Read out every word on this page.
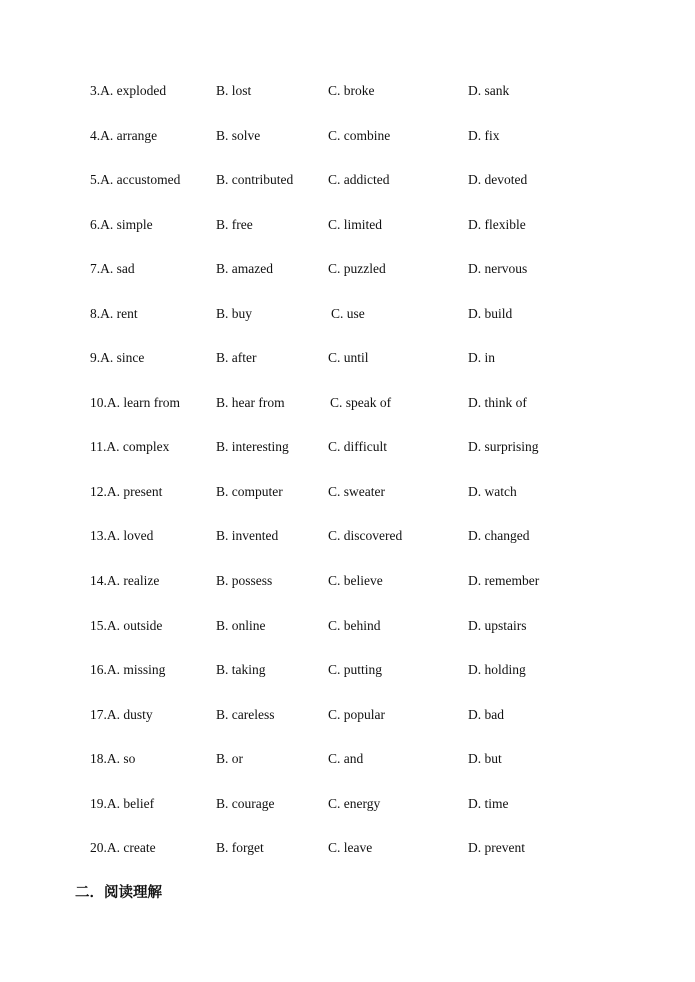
3.A. exploded	B. lost	C. broke	D. sank
4.A. arrange	B. solve	C. combine	D. fix
5.A. accustomed	B. contributed	C. addicted	D. devoted
6.A. simple	B. free	C. limited	D. flexible
7.A. sad	B. amazed	C. puzzled	D. nervous
8.A. rent	B. buy	C. use	D. build
9.A. since	B. after	C. until	D. in
10.A. learn from	B. hear from	C. speak of	D. think of
11.A. complex	B. interesting	C. difficult	D. surprising
12.A. present	B. computer	C. sweater	D. watch
13.A. loved	B. invented	C. discovered	D. changed
14.A. realize	B. possess	C. believe	D. remember
15.A. outside	B. online	C. behind	D. upstairs
16.A. missing	B. taking	C. putting	D. holding
17.A. dusty	B. careless	C. popular	D. bad
18.A. so	B. or	C. and	D. but
19.A. belief	B. courage	C. energy	D. time
20.A. create	B. forget	C. leave	D. prevent
二．阅读理解
